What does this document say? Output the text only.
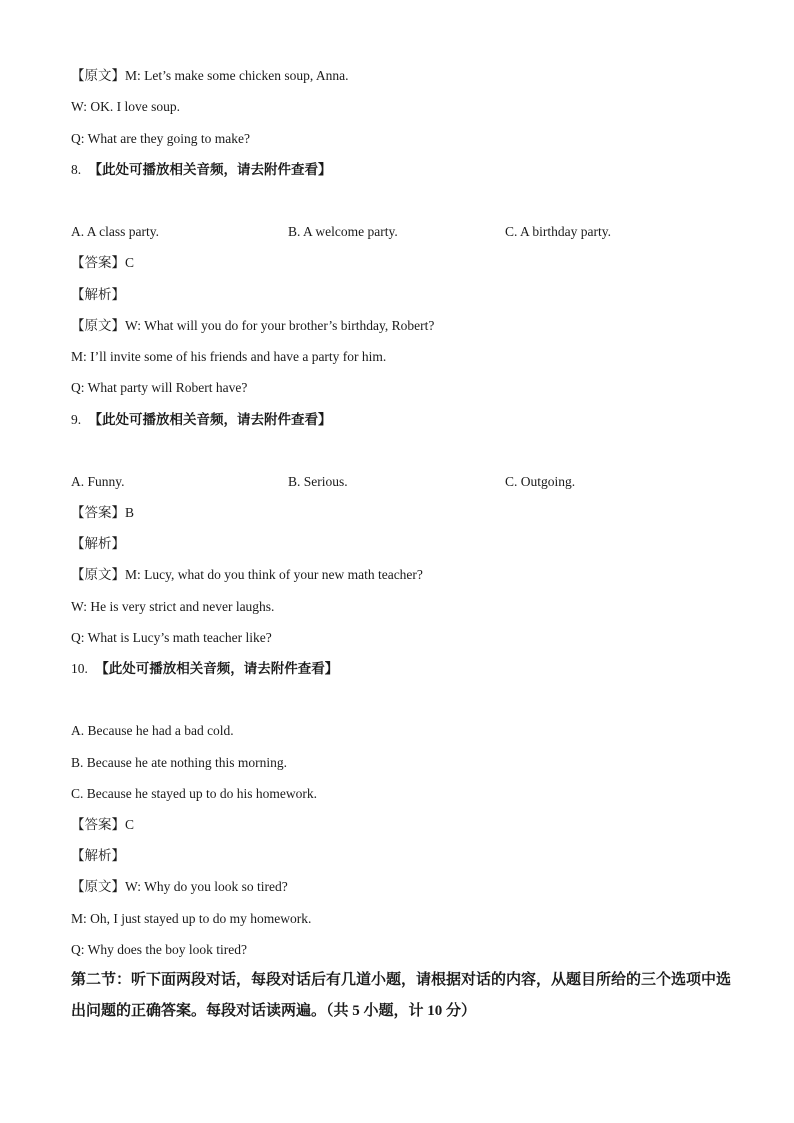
【原文】M: Let’s make some chicken soup, Anna.
W: OK. I love soup.
Q: What are they going to make?
8. 【此处可播放相关音频，请去附件查看】
A. A class party.	B. A welcome party.	C. A birthday party.
【答案】C
【解析】
【原文】W: What will you do for your brother’s birthday, Robert?
M: I’ll invite some of his friends and have a party for him.
Q: What party will Robert have?
9. 【此处可播放相关音频，请去附件查看】
A. Funny.	B. Serious.	C. Outgoing.
【答案】B
【解析】
【原文】M: Lucy, what do you think of your new math teacher?
W: He is very strict and never laughs.
Q: What is Lucy’s math teacher like?
10. 【此处可播放相关音频，请去附件查看】
A. Because he had a bad cold.
B. Because he ate nothing this morning.
C. Because he stayed up to do his homework.
【答案】C
【解析】
【原文】W: Why do you look so tired?
M: Oh, I just stayed up to do my homework.
Q: Why does the boy look tired?
第二节：听下面两段对话，每段对话后有几道小题，请根据对话的内容，从题目所给的三个选项中选出问题的正确答案。每段对话读两遍。（共 5 小题，计 10 分）
